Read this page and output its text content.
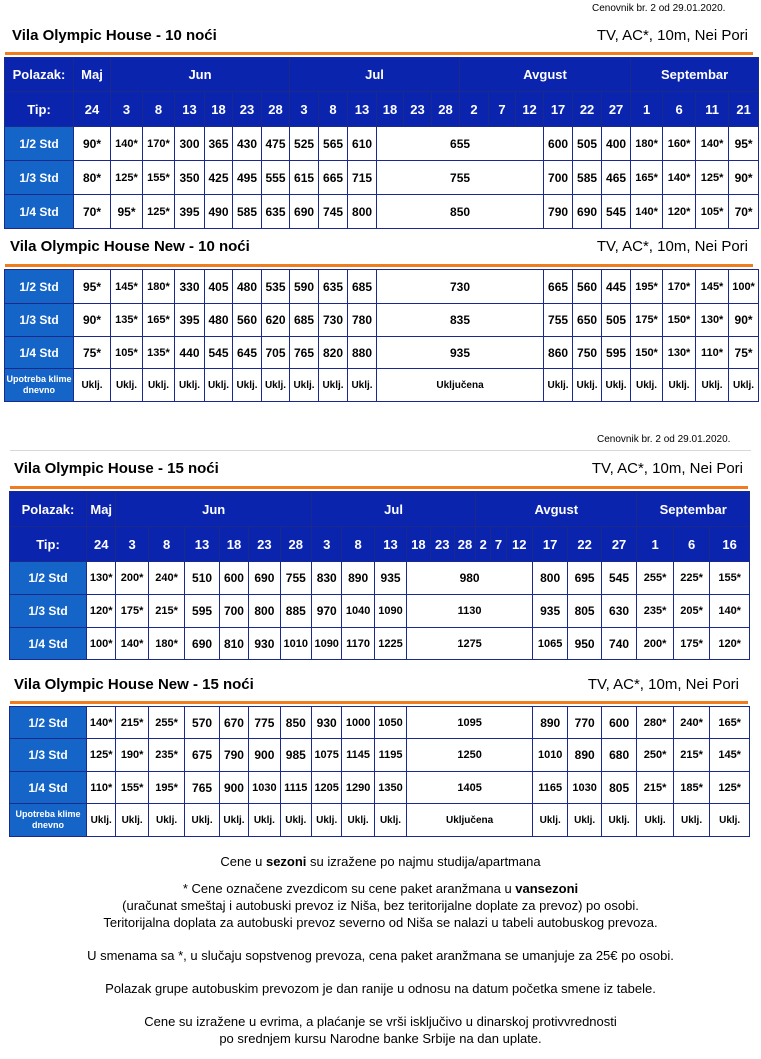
Cenovnik br. 2 od 29.01.2020.
Vila Olympic House - 10 noći	TV, AC*, 10m, Nei Pori
Polazak:	Maj	Jun						Jul						Avgust						Septembar			
Tip:	24	3	8	13	18	23	28	3	8	13	18	23	28	2	7	12	17	22	27	1	6	11	21
1/2 Std	90*	140*	170*	300	365	430	475	525	565	610	655						600	505	400	180*	160*	140*	95*
1/3 Std	80*	125*	155*	350	425	495	555	615	665	715	755						700	585	465	165*	140*	125*	90*
1/4 Std	70*	95*	125*	395	490	585	635	690	745	800	850						790	690	545	140*	120*	105*	70*
Vila Olympic House New - 10 noći	TV, AC*, 10m, Nei Pori
1/2 Std	95*	145*	180*	330	405	480	535	590	635	685	730	665	560	445	195*	170*	145*	100*
1/3 Std	90*	135*	165*	395	480	560	620	685	730	780	835	755	650	505	175*	150*	130*	90*
1/4 Std	75*	105*	135*	440	545	645	705	765	820	880	935	860	750	595	150*	130*	110*	75*
Upotreba klime dnevno	Uklj.	Uklj.	Uklj.	Uklj.	Uklj.	Uklj.	Uklj.	Uklj.	Uklj.	Uklj.	Uključena	Uklj.	Uklj.	Uklj.	Uklj.	Uklj.	Uklj.	Uklj.
Cenovnik br. 2 od 29.01.2020.
Vila Olympic House - 15 noći	TV, AC*, 10m, Nei Pori
Polazak:	Maj	Jun						Jul						Avgust						Septembar		
Tip:	24	3	8	13	18	23	28	3	8	13	18	23	28	2	7	12	17	22	27	1	6	16
1/2 Std	130*	200*	240*	510	600	690	755	830	890	935	980						800	695	545	255*	225*	155*
1/3 Std	120*	175*	215*	595	700	800	885	970	1040	1090	1130						935	805	630	235*	205*	140*
1/4 Std	100*	140*	180*	690	810	930	1010	1090	1170	1225	1275						1065	950	740	200*	175*	120*
Vila Olympic House New - 15 noći	TV, AC*, 10m, Nei Pori
1/2 Std	140*	215*	255*	570	670	775	850	930	1000	1050	1095	890	770	600	280*	240*	165*
1/3 Std	125*	190*	235*	675	790	900	985	1075	1145	1195	1250	1010	890	680	250*	215*	145*
1/4 Std	110*	155*	195*	765	900	1030	1115	1205	1290	1350	1405	1165	1030	805	215*	185*	125*
Upotreba klime dnevno	Uklj.	Uklj.	Uklj.	Uklj.	Uklj.	Uklj.	Uklj.	Uklj.	Uklj.	Uklj.	Uključena	Uklj.	Uklj.	Uklj.	Uklj.	Uklj.	Uklj.

Cene u sezoni su izražene po najmu studija/apartmana

* Cene označene zvezdicom su cene paket aranžmana u vansezoni

(uračunat smeštaj i autobuski prevoz iz Niša, bez teritorijalne doplate za prevoz) po osobi.

Teritorijalna doplata za autobuski prevoz severno od Niša se nalazi u tabeli autobuskog prevoza.

U smenama sa *, u slučaju sopstvenog prevoza, cena paket aranžmana se umanjuje za 25€ po osobi.

Polazak grupe autobuskim prevozom je dan ranije u odnosu na datum početka smene iz tabele.

Cene su izražene u evrima, a plaćanje se vrši isključivo u dinarskoj protivvrednosti

po srednjem kursu Narodne banke Srbije na dan uplate.
